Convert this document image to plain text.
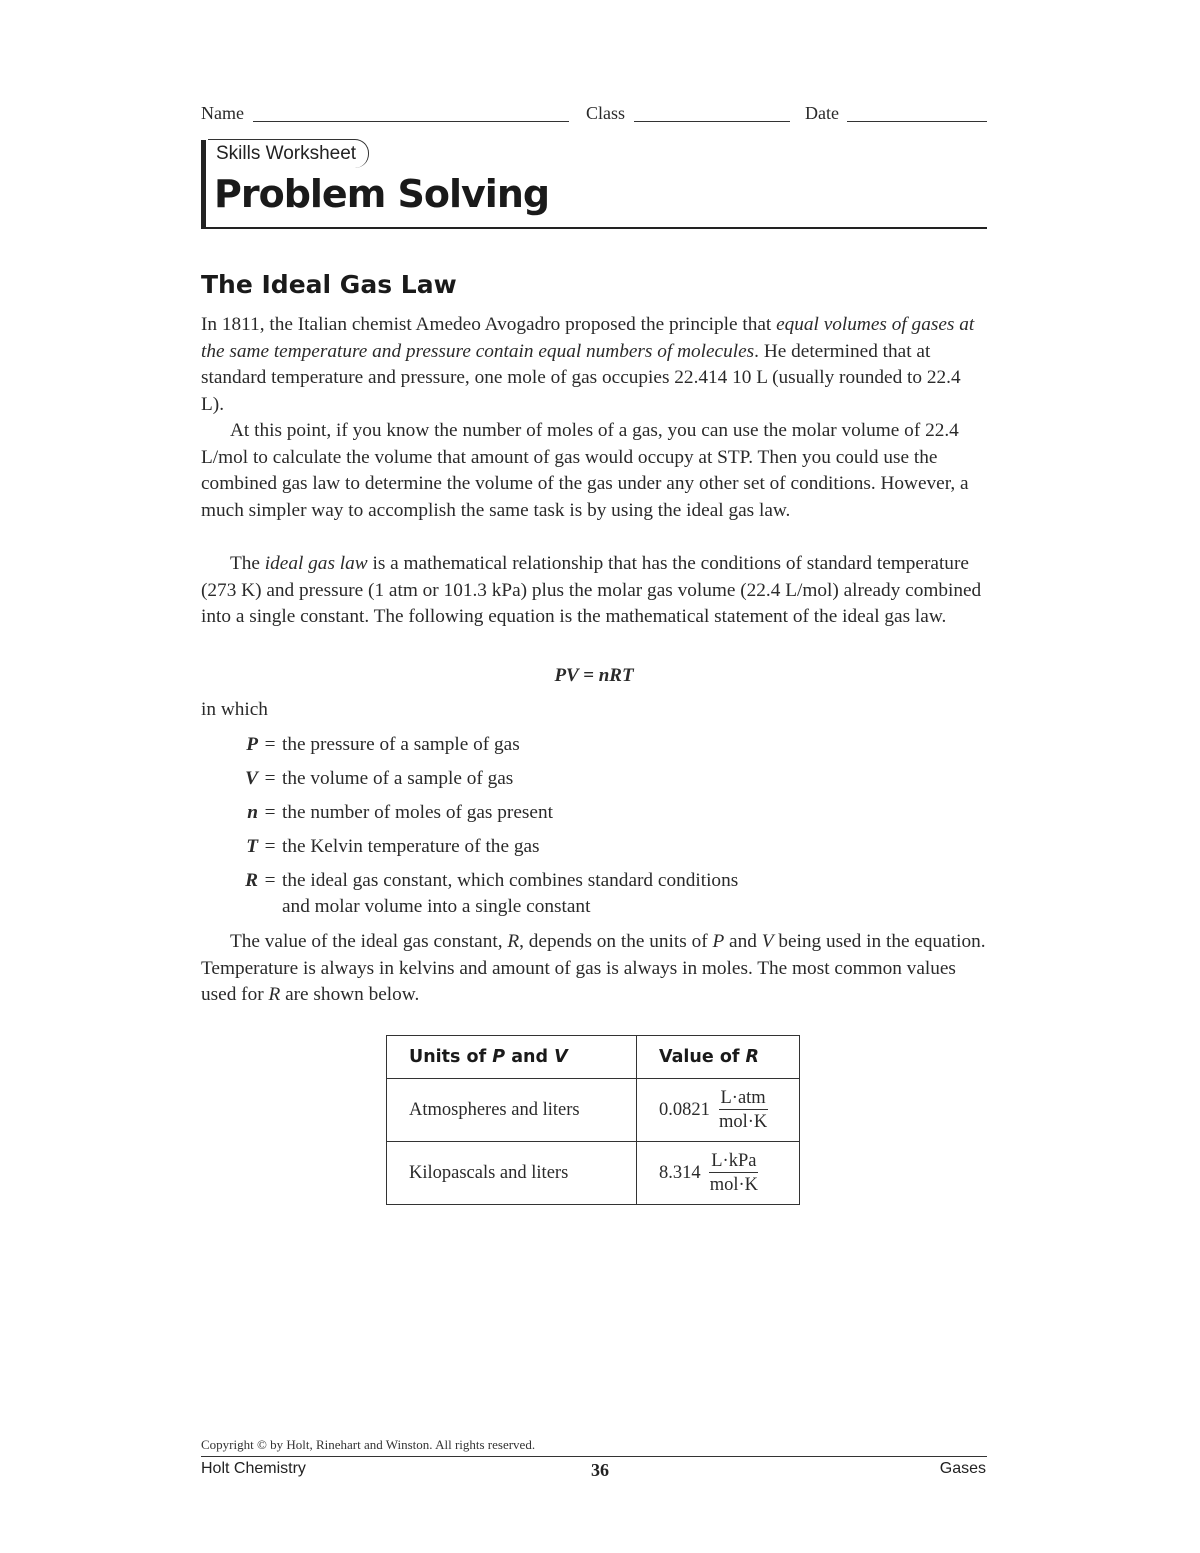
Name	Class	Date
Skills Worksheet
Problem Solving
The Ideal Gas Law

In 1811, the Italian chemist Amedeo Avogadro proposed the principle that equal volumes of gases at the same temperature and pressure contain equal numbers of molecules. He determined that at standard temperature and pressure, one mole of gas occupies 22.414 10 L (usually rounded to 22.4 L).

At this point, if you know the number of moles of a gas, you can use the molar volume of 22.4 L/mol to calculate the volume that amount of gas would occupy at STP. Then you could use the combined gas law to determine the volume of the gas under any other set of conditions. However, a much simpler way to accomplish the same task is by using the ideal gas law.

The ideal gas law is a mathematical relationship that has the conditions of standard temperature (273 K) and pressure (1 atm or 101.3 kPa) plus the molar gas volume (22.4 L/mol) already combined into a single constant. The following equation is the mathematical statement of the ideal gas law.

PV = nRT
in which
P = the pressure of a sample of gas
V = the volume of a sample of gas
n = the number of moles of gas present
T = the Kelvin temperature of the gas
R = the ideal gas constant, which combines standard conditions
and molar volume into a single constant

The value of the ideal gas constant, R, depends on the units of P and V being used in the equation. Temperature is always in kelvins and amount of gas is always in moles. The most common values used for R are shown below.

Units of P and V	Value of R
Atmospheres and liters	$0.0821 \frac{\text{L·atm}}{\text{mol·K}}$

Kilopascals and liters	$8.314 \frac{\text{L·kPa}}{\text{mol·K}}$
Copyright © by Holt, Rinehart and Winston. All rights reserved.
Holt Chemistry	36	Gases
